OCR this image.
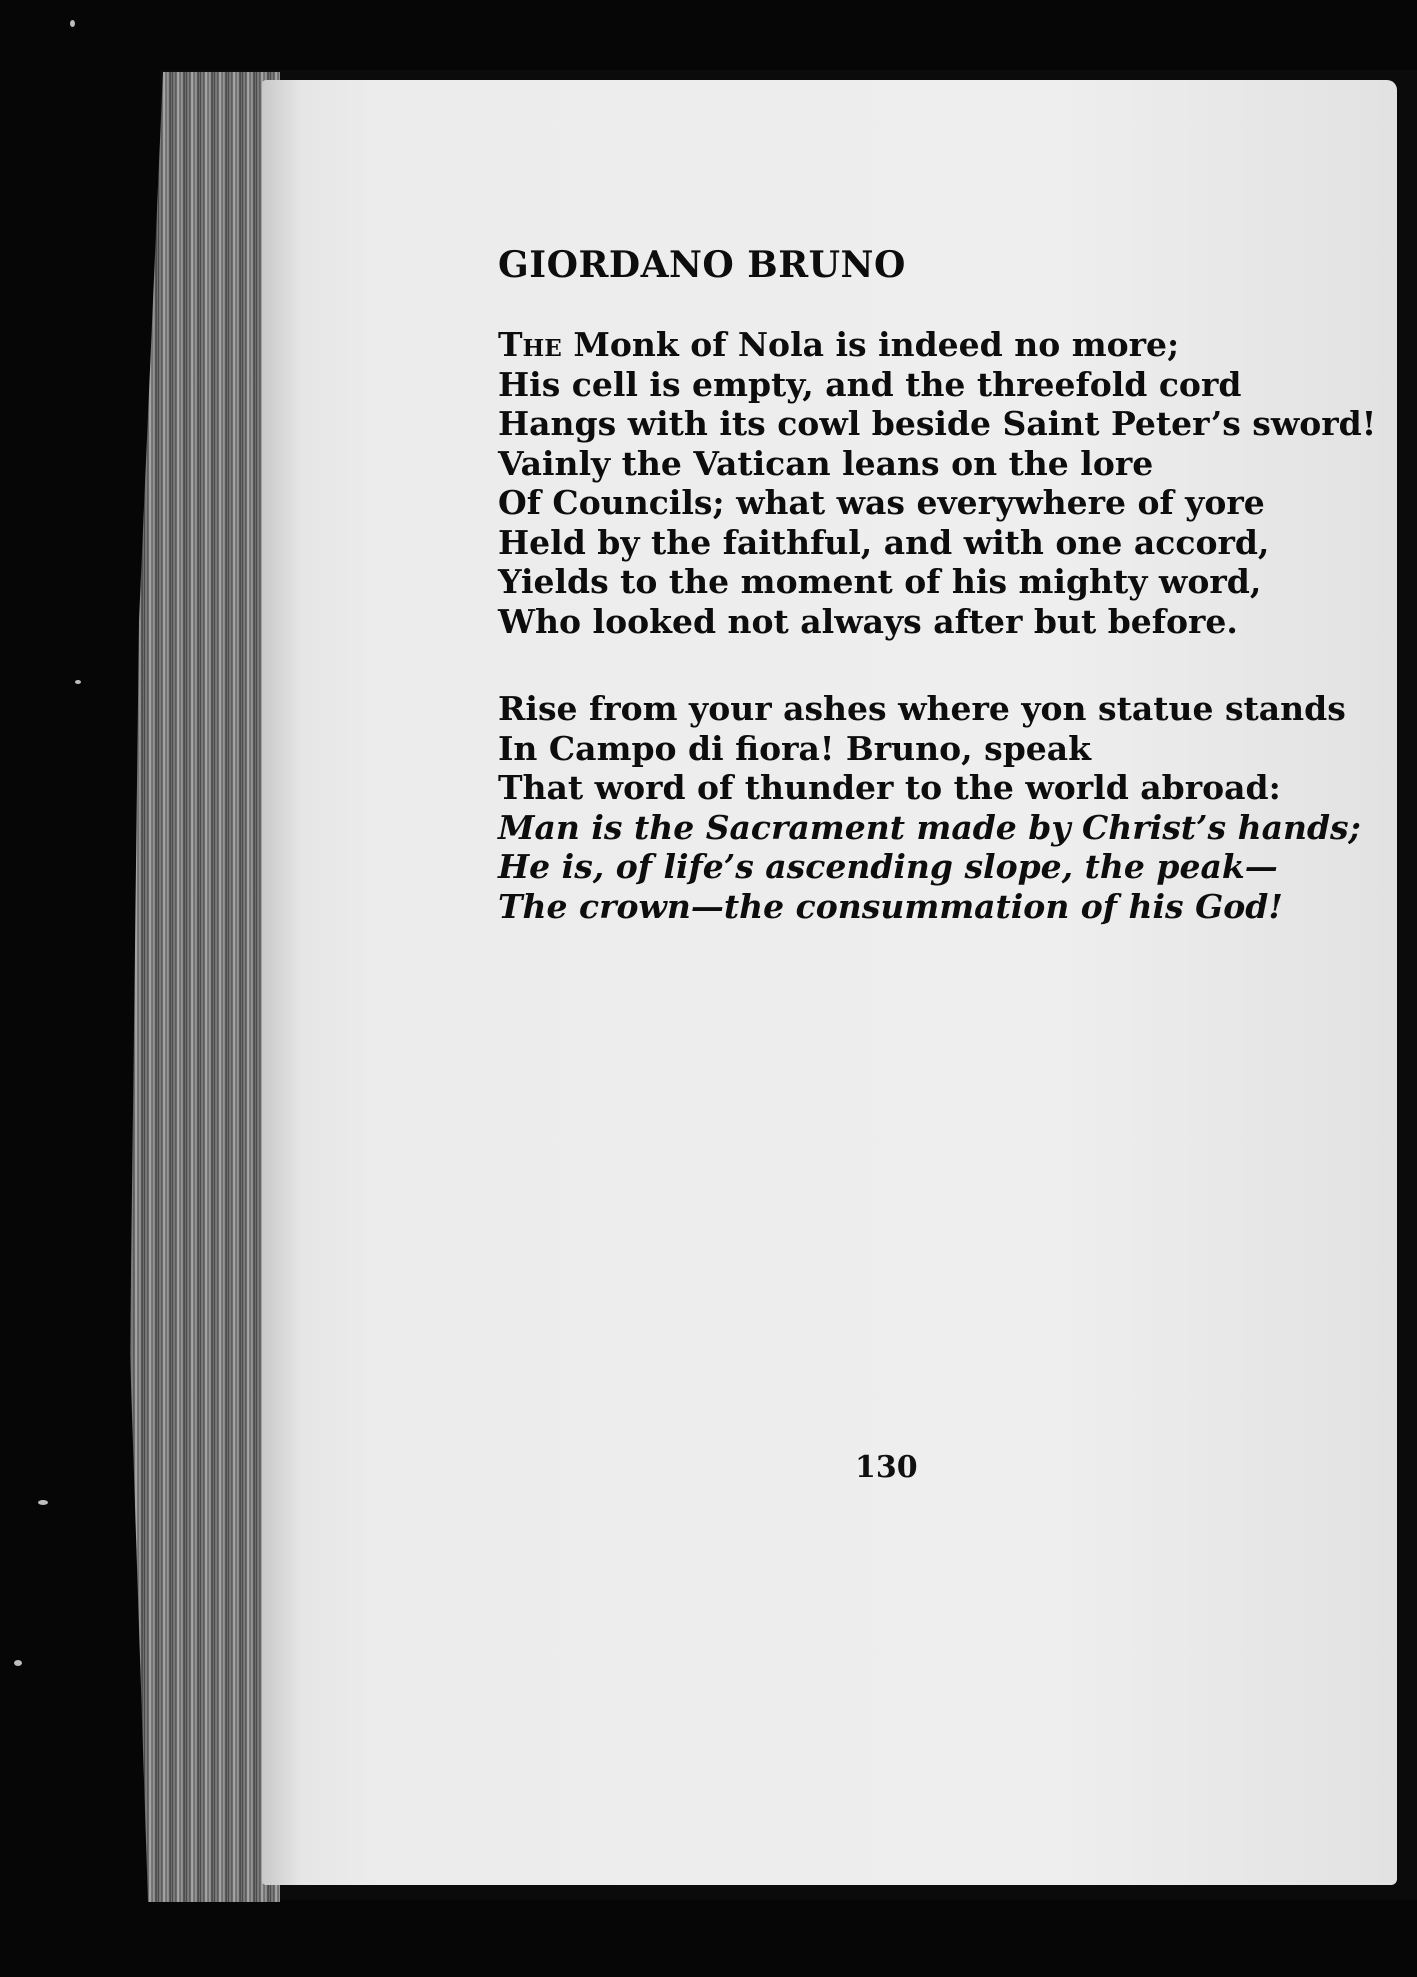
GIORDANO BRUNO
The Monk of Nola is indeed no more;
His cell is empty, and the threefold cord
Hangs with its cowl beside Saint Peter’s sword!
Vainly the Vatican leans on the lore
Of Councils; what was everywhere of yore
Held by the faithful, and with one accord,
Yields to the moment of his mighty word,
Who looked not always after but before.
Rise from your ashes where yon statue stands
In Campo di fiora! Bruno, speak
That word of thunder to the world abroad:
Man is the Sacrament made by Christ’s hands;
He is, of life’s ascending slope, the peak—
The crown—the consummation of his God!
130
